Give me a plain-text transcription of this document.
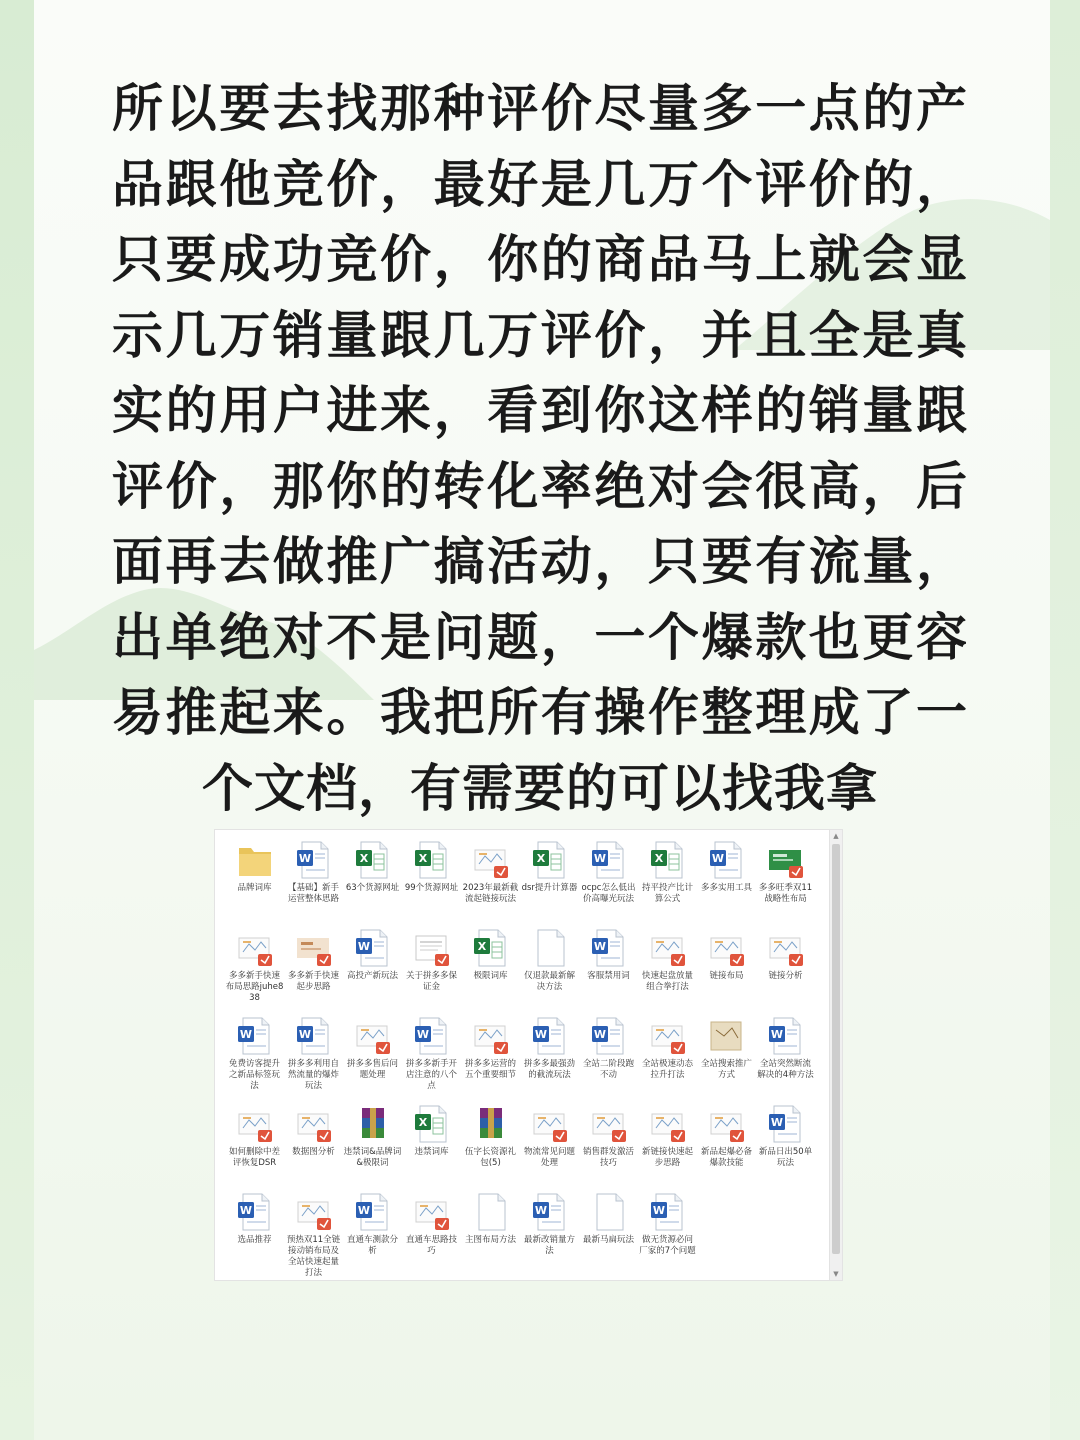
所以要去找那种评价尽量多一点的产品跟他竞价，最好是几万个评价的，只要成功竞价，你的商品马上就会显示几万销量跟几万评价，并且全是真实的用户进来，看到你这样的销量跟评价，那你的转化率绝对会很高，后面再去做推广搞活动，只要有流量，出单绝对不是问题，一个爆款也更容易推起来。我把所有操作整理成了一个文档，有需要的可以找我拿

品牌词库
W
【基础】新手运营整体思路
X
63个货源网址
X
99个货源网址 2023年最新截流起链接玩法
X
dsr提升计算器
W
ocpc怎么低出价高曝光玩法
X
持平投产比计算公式
W
多多实用工具 多多旺季双11战略性布局
多多新手快速布局思路juhe838
多多新手快速起步思路
W
高投产新玩法 关于拼多多保证金
X
极限词库	仅退款最新解决方法
W
客服禁用词	快速起盘放量组合拳打法
链接布局	链接分析
W
免费访客提升之新品标签玩法
W
拼多多利用自然流量的爆炸玩法
拼多多售后问题处理
W
拼多多新手开店注意的八个点
拼多多运营的五个重要细节
W
拼多多最强劲的截流玩法
W
全站二阶段跑不动
全站极速动态拉升打法
全站搜索推广方式
W
全站突然断流解决的4种方法
如何删除中差评恢复DSR
数据图分析	违禁词&品牌词&极限词
X
违禁词库	伍字长资源礼包(5)
物流常见问题处理
销售群发激活技巧
新链接快速起步思路
新品起爆必备爆款技能
W
新品日出50单玩法
W
选品推荐	预热双11全链接动销布局及全站快速起量打法
W
直通车测款分析
直通车思路技巧
主图布局方法
W
最新改销量方法
最新马扁玩法
W
做无货源必问厂家的7个问题
▲
▼
